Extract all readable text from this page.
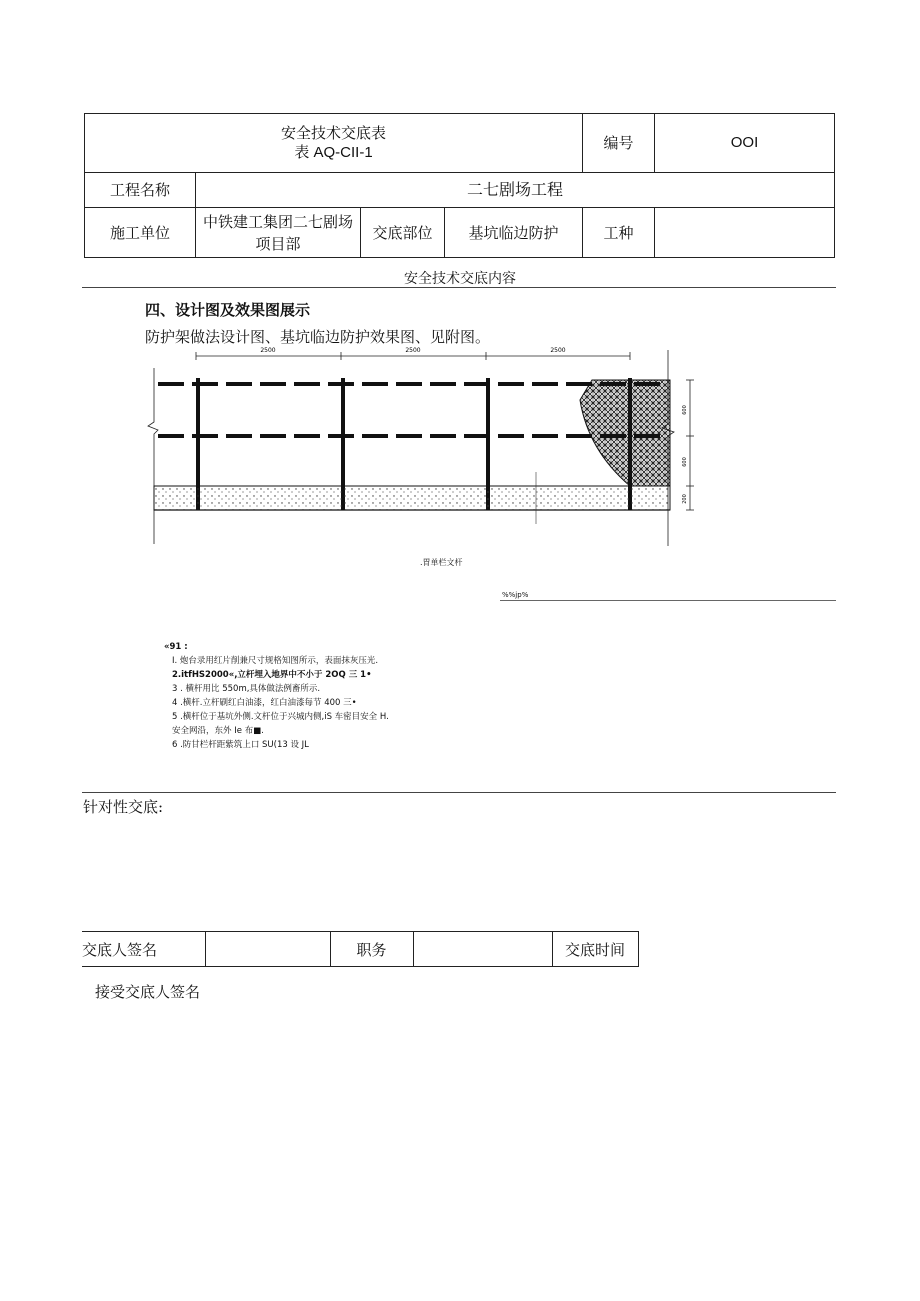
安全技术交底表
表 AQ-CII-1				编号	OOI
工程名称	二七剧场工程				
施工单位	中铁建工集团二七剧场项目部	交底部位	基坑临边防护	工种	
安全技术交底内容
四、设计图及效果图展示
防护架做法设计图、基坑临边防护效果图、见附图。
2500	2500	2500
600
600
200
.胃单栏文杆
%%jp%
«91 :
I. 炮台录用红片削兼尺寸规格知图所示，表面抹灰压光.
2.itfHS2000«,立杆埋入地界中不小于 2OQ 三 1•
3 . 横杆用比 550m,具体做法例畜所示.
4 .横杆.立杆刷红白油漆，红白油漆每节 400 三•
5 .横杆位于基坑外侧.文杆位于兴城内侧,iS 车密目安全 H.
安全网沿，东外 Ie 布■.
6 .防甘栏杆距紫筑上口 SU(13 设 JL
针对性交底:
交底人签名		职务		交底时间
接受交底人签名
